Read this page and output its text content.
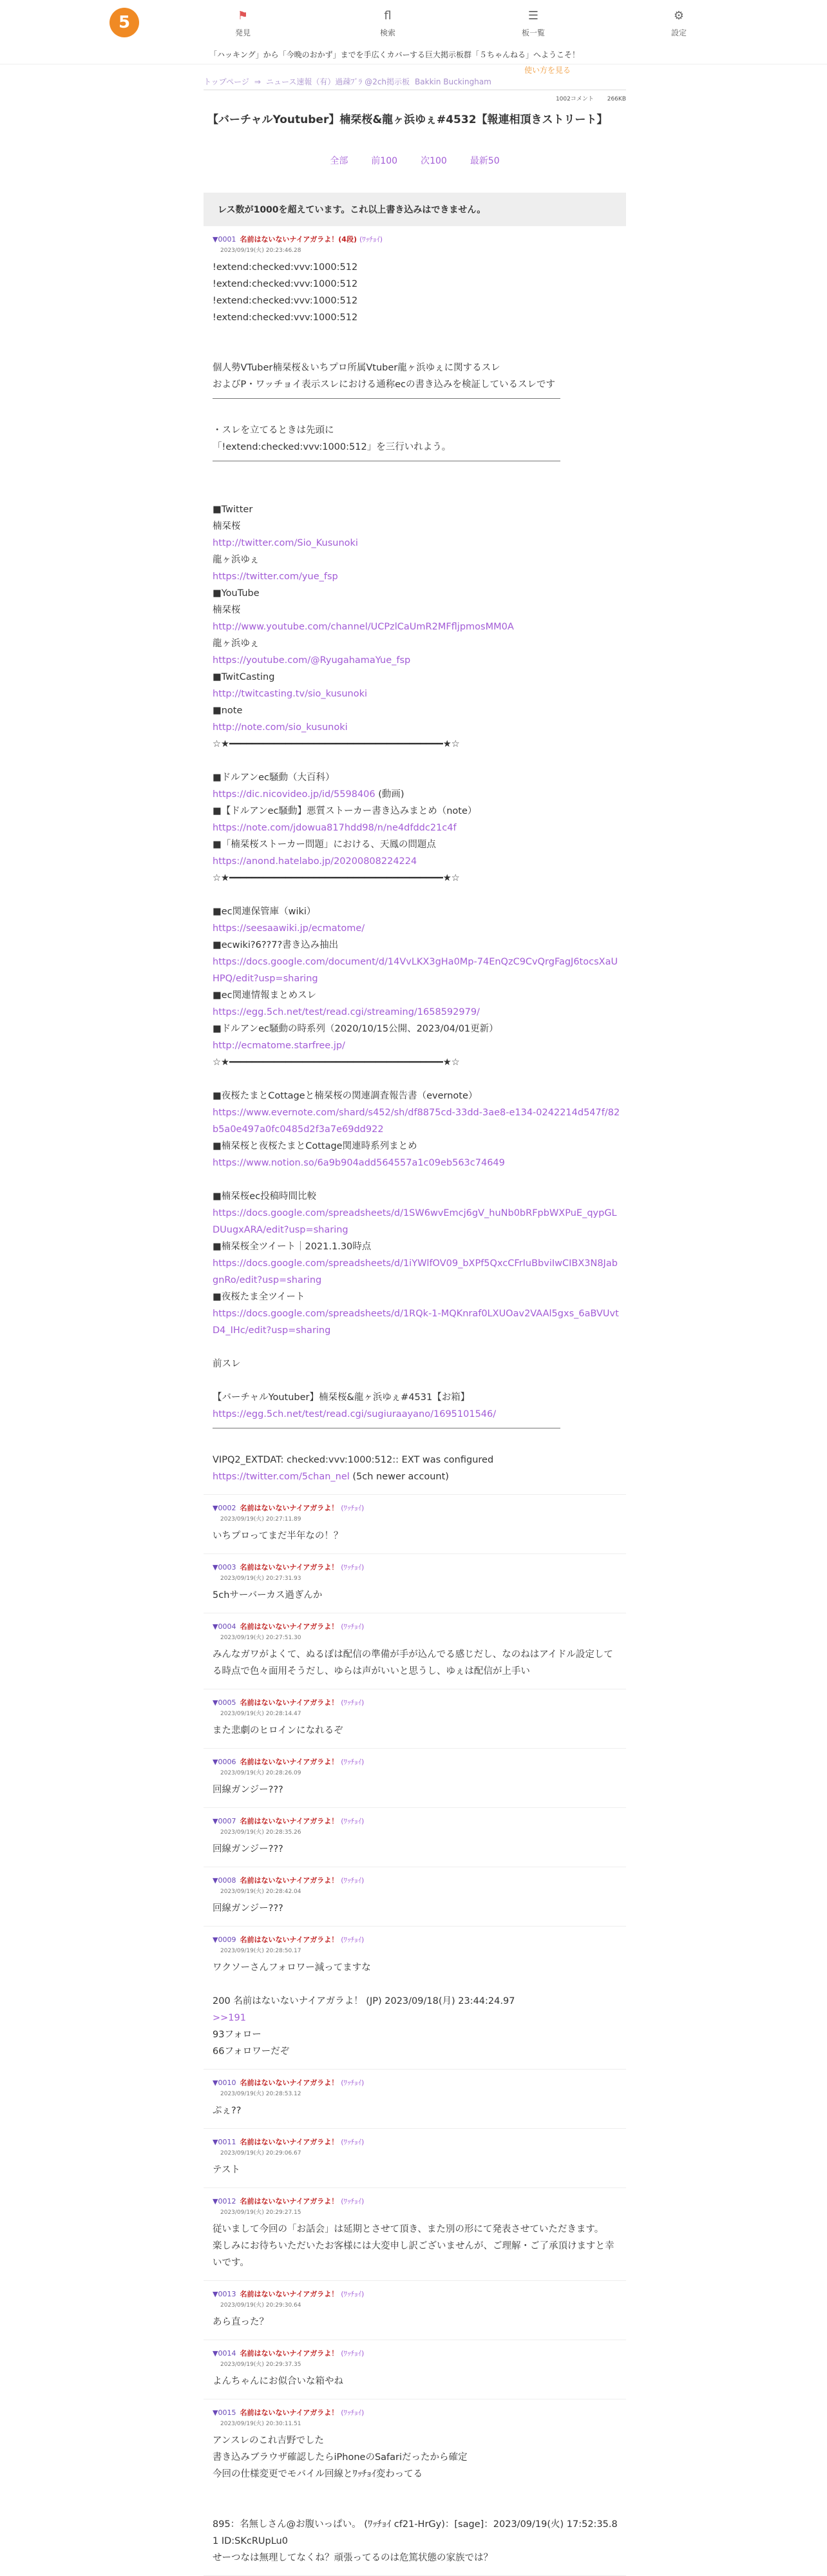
5
「ハッキング」から「今晩のおかず」までを手広くカバーする巨大掲示板群「５ちゃんねる」へようこそ！
⚑
発見
fl
検索
☰
板一覧
⚙
設定
使い方を見る
トップページ ⇒ ニュース速報（有）過疎ﾌﾞﾗ @2ch掲示板 Bakkin Buckingham
1002コメント 266KB
【バーチャルYoutuber】楠栞桜&龍ヶ浜ゆぇ#4532【報連相頂きストリート】
全部	前100	次100	最新50
レス数が1000を超えています。これ以上書き込みはできません。
▼0001 名前はないないナイアガラよ！(4段) (ﾜｯﾁｮｲ)
2023/09/19(火) 20:23:46.28
!extend:checked:vvv:1000:512
!extend:checked:vvv:1000:512
!extend:checked:vvv:1000:512
!extend:checked:vvv:1000:512

個人勢VTuber楠栞桜＆いちプロ所属Vtuber龍ヶ浜ゆぇに関するスレ
およびP・ワッチョイ表示スレにおける通称ecの書き込みを検証しているスレです

・スレを立てるときは先頭に
「!extend:checked:vvv:1000:512」を三行いれよう。

■Twitter
楠栞桜
http://twitter.com/Sio_Kusunoki
龍ヶ浜ゆぇ
https://twitter.com/yue_fsp
■YouTube
楠栞桜
http://www.youtube.com/channel/UCPzlCaUmR2MFfljpmosMM0A
龍ヶ浜ゆぇ
https://youtube.com/@RyugahamaYue_fsp
■TwitCasting
http://twitcasting.tv/sio_kusunoki
■note
http://note.com/sio_kusunoki
☆★━━━━━━━━━━━━━━━━━━━━━━━━━━━━━━━━━━━━━━★☆

■ドルアンec騒動（大百科）
https://dic.nicovideo.jp/id/5598406 (動画)
■【ドルアンec騒動】悪質ストーカー書き込みまとめ（note）
https://note.com/jdowua817hdd98/n/ne4dfddc21c4f
■「楠栞桜ストーカー問題」における、天鳳の問題点
https://anond.hatelabo.jp/20200808224224
☆★━━━━━━━━━━━━━━━━━━━━━━━━━━━━━━━━━━━━━━★☆

■ec関連保管庫（wiki）
https://seesaawiki.jp/ecmatome/
■ecwiki?6??7?書き込み抽出
https://docs.google.com/document/d/14VvLKX3gHa0Mp-74EnQzC9CvQrgFagJ6tocsXaUHPQ/edit?usp=sharing
■ec関連情報まとめスレ
https://egg.5ch.net/test/read.cgi/streaming/1658592979/
■ドルアンec騒動の時系列（2020/10/15公開、2023/04/01更新）
http://ecmatome.starfree.jp/
☆★━━━━━━━━━━━━━━━━━━━━━━━━━━━━━━━━━━━━━━★☆

■夜桜たまとCottageと楠栞桜の関連調査報告書（evernote）
https://www.evernote.com/shard/s452/sh/df8875cd-33dd-3ae8-e134-0242214d547f/82b5a0e497a0fc0485d2f3a7e69dd922
■楠栞桜と夜桜たまとCottage関連時系列まとめ
https://www.notion.so/6a9b904add564557a1c09eb563c74649

■楠栞桜ec投稿時間比較
https://docs.google.com/spreadsheets/d/1SW6wvEmcj6gV_huNb0bRFpbWXPuE_qypGLDUugxARA/edit?usp=sharing
■楠栞桜全ツイート｜2021.1.30時点
https://docs.google.com/spreadsheets/d/1iYWlfOV09_bXPf5QxcCFrIuBbviIwCIBX3N8JabgnRo/edit?usp=sharing
■夜桜たま全ツイート
https://docs.google.com/spreadsheets/d/1RQk-1-MQKnraf0LXUOav2VAAl5gxs_6aBVUvtD4_IHc/edit?usp=sharing

前スレ

【バーチャルYoutuber】楠栞桜&龍ヶ浜ゆぇ#4531【お箱】
https://egg.5ch.net/test/read.cgi/sugiuraayano/1695101546/

VIPQ2_EXTDAT: checked:vvv:1000:512:: EXT was configured
https://twitter.com/5chan_nel (5ch newer account)
▼0002 名前はないないナイアガラよ！ (ﾜｯﾁｮｲ)
2023/09/19(火) 20:27:11.89
いちプロってまだ半年なの！？
▼0003 名前はないないナイアガラよ！ (ﾜｯﾁｮｲ)
2023/09/19(火) 20:27:31.93
5chサーバーカス過ぎんか
▼0004 名前はないないナイアガラよ！ (ﾜｯﾁｮｲ)
2023/09/19(火) 20:27:51.30
みんなガワがよくて、ぬるぽは配信の準備が手が込んでる感じだし、なのねはアイドル設定してる時点で色々面用そうだし、ゆらは声がいいと思うし、ゆぇは配信が上手い
▼0005 名前はないないナイアガラよ！ (ﾜｯﾁｮｲ)
2023/09/19(火) 20:28:14.47
また悲劇のヒロインになれるぞ
▼0006 名前はないないナイアガラよ！ (ﾜｯﾁｮｲ)
2023/09/19(火) 20:28:26.09
回線ガンジー???
▼0007 名前はないないナイアガラよ！ (ﾜｯﾁｮｲ)
2023/09/19(火) 20:28:35.26
回線ガンジー???
▼0008 名前はないないナイアガラよ！ (ﾜｯﾁｮｲ)
2023/09/19(火) 20:28:42.04
回線ガンジー???
▼0009 名前はないないナイアガラよ！ (ﾜｯﾁｮｲ)
2023/09/19(火) 20:28:50.17
ワクソーさんフォロワー減ってますな

200 名前はないないナイアガラよ！ (JP) 2023/09/18(月) 23:44:24.97
>>191
93フォロー
66フォロワーだぞ
▼0010 名前はないないナイアガラよ！ (ﾜｯﾁｮｲ)
2023/09/19(火) 20:28:53.12
ぷぇ??
▼0011 名前はないないナイアガラよ！ (ﾜｯﾁｮｲ)
2023/09/19(火) 20:29:06.67
テスト
▼0012 名前はないないナイアガラよ！ (ﾜｯﾁｮｲ)
2023/09/19(火) 20:29:27.15
従いまして今回の「お話会」は延期とさせて頂き、また別の形にて発表させていただきます。
楽しみにお待ちいただいたお客様には大変申し訳ございませんが、ご理解・ご了承頂けますと幸いです。
▼0013 名前はないないナイアガラよ！ (ﾜｯﾁｮｲ)
2023/09/19(火) 20:29:30.64
あら直った？
▼0014 名前はないないナイアガラよ！ (ﾜｯﾁｮｲ)
2023/09/19(火) 20:29:37.35
よんちゃんにお似合いな箱やね
▼0015 名前はないないナイアガラよ！ (ﾜｯﾁｮｲ)
2023/09/19(火) 20:30:11.51
アンスレのこれ吉野でした
書き込みブラウザ確認したらiPhoneのSafariだったから確定
今回の仕様変更でモバイル回線とﾜｯﾁｮｲ変わってる

895：名無しさん@お腹いっぱい。 (ﾜｯﾁｮｲ cf21-HrGy)：[sage]：2023/09/19(火) 17:52:35.81 ID:SKcRUpLu0
せーつなは無理してなくね？頑張ってるのは危篤状態の家族では？
